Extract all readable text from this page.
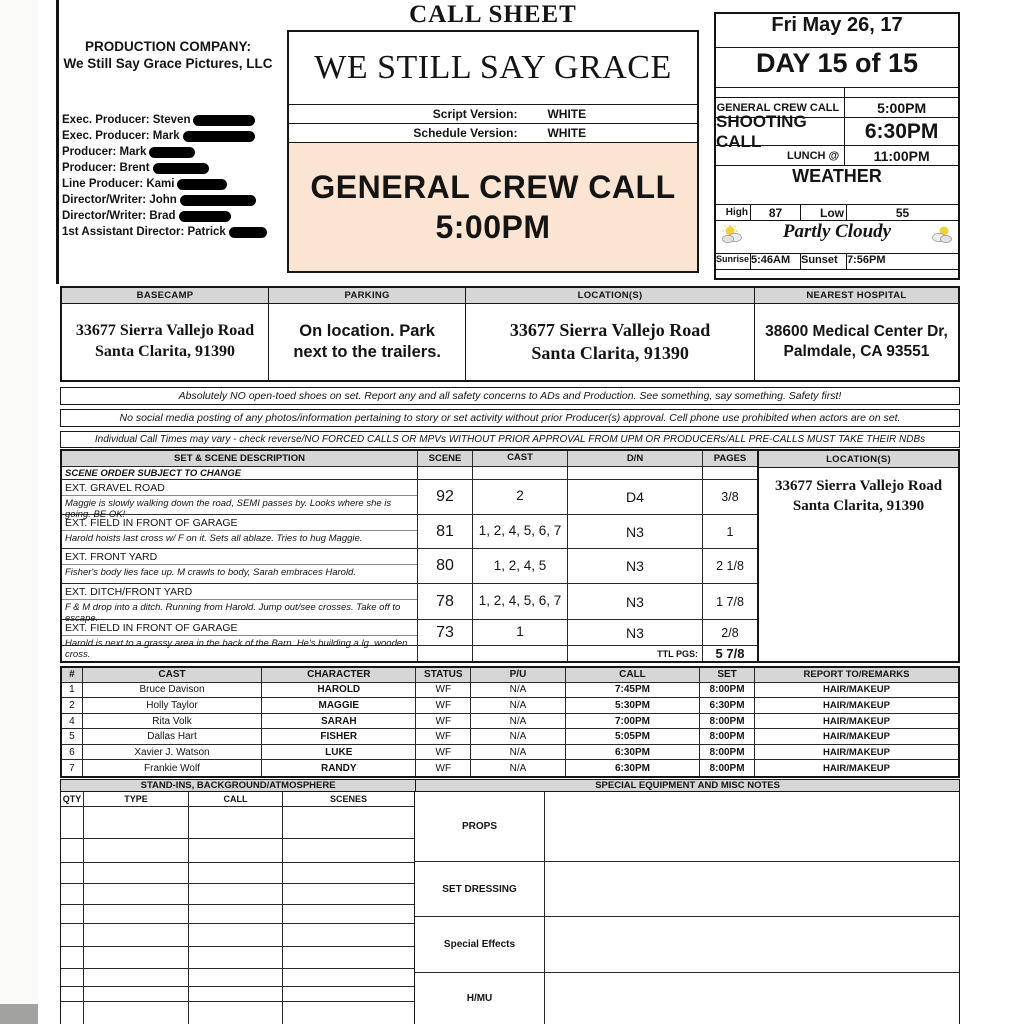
CALL SHEET
PRODUCTION COMPANY:
We Still Say Grace Pictures, LLC
Exec. Producer: Steven
Exec. Producer: Mark
Producer: Mark
Producer: Brent
Line Producer: Kami
Director/Writer: John
Director/Writer: Brad
1st Assistant Director: Patrick
WE STILL SAY GRACE
Script Version:	WHITE
Schedule Version:	WHITE
GENERAL CREW CALL
5:00PM
Fri May 26, 17
DAY 15 of 15
GENERAL CREW CALL	5:00PM
SHOOTING CALL	6:30PM
LUNCH @	11:00PM
WEATHER
High	87	Low	55
Partly Cloudy
Sunrise 5:46AM Sunset 7:56PM
BASECAMP
33677 Sierra Vallejo Road
Santa Clarita, 91390
PARKING
On location. Park
next to the trailers.
LOCATION(S)
33677 Sierra Vallejo Road
Santa Clarita, 91390
NEAREST HOSPITAL
38600 Medical Center Dr,
Palmdale, CA 93551
Absolutely NO open-toed shoes on set. Report any and all safety concerns to ADs and Production. See something, say something. Safety first!
No social media posting of any photos/information pertaining to story or set activity without prior Producer(s) approval. Cell phone use prohibited when actors are on set.
Individual Call Times may vary - check reverse/NO FORCED CALLS OR MPVs WITHOUT PRIOR APPROVAL FROM UPM OR PRODUCERs/ALL PRE-CALLS MUST TAKE THEIR NDBs
SET & SCENE DESCRIPTION	SCENE	CAST	D/N	PAGES
SCENE ORDER SUBJECT TO CHANGE
EXT. GRAVEL ROAD
Maggie is slowly walking down the road, SEMI passes by. Looks where she is going. BE OK!
92	2	D4	3/8
EXT. FIELD IN FRONT OF GARAGE
Harold hoists last cross w/ F on it. Sets all ablaze. Tries to hug Maggie.	81	1, 2, 4, 5, 6, 7	N3	1
EXT. FRONT YARD
Fisher's body lies face up. M crawls to body, Sarah embraces Harold.	80	1, 2, 4, 5	N3	2 1/8
EXT. DITCH/FRONT YARD
F & M drop into a ditch. Running from Harold. Jump out/see crosses. Take off to escape.
78	1, 2, 4, 5, 6, 7	N3	1 7/8
EXT. FIELD IN FRONT OF GARAGE
Harold is next to a grassy area in the back of the Barn. He's building a lg. wooden cross.
73	1	N3	2/8
TTL PGS:	5 7/8
LOCATION(S)
33677 Sierra Vallejo Road
Santa Clarita, 91390
#	CAST	CHARACTER	STATUS	P/U	CALL	SET	REPORT TO/REMARKS
1	Bruce Davison	HAROLD	WF	N/A	7:45PM	8:00PM	HAIR/MAKEUP
2	Holly Taylor	MAGGIE	WF	N/A	5:30PM	6:30PM	HAIR/MAKEUP
4	Rita Volk	SARAH	WF	N/A	7:00PM	8:00PM	HAIR/MAKEUP
5	Dallas Hart	FISHER	WF	N/A	5:05PM	8:00PM	HAIR/MAKEUP
6	Xavier J. Watson	LUKE	WF	N/A	6:30PM	8:00PM	HAIR/MAKEUP
7	Frankie Wolf	RANDY	WF	N/A	6:30PM	8:00PM	HAIR/MAKEUP
STAND-INS, BACKGROUND/ATMOSPHERE	SPECIAL EQUIPMENT AND MISC NOTES
QTY	TYPE	CALL	SCENES
PROPS
SET DRESSING
Special Effects
H/MU
